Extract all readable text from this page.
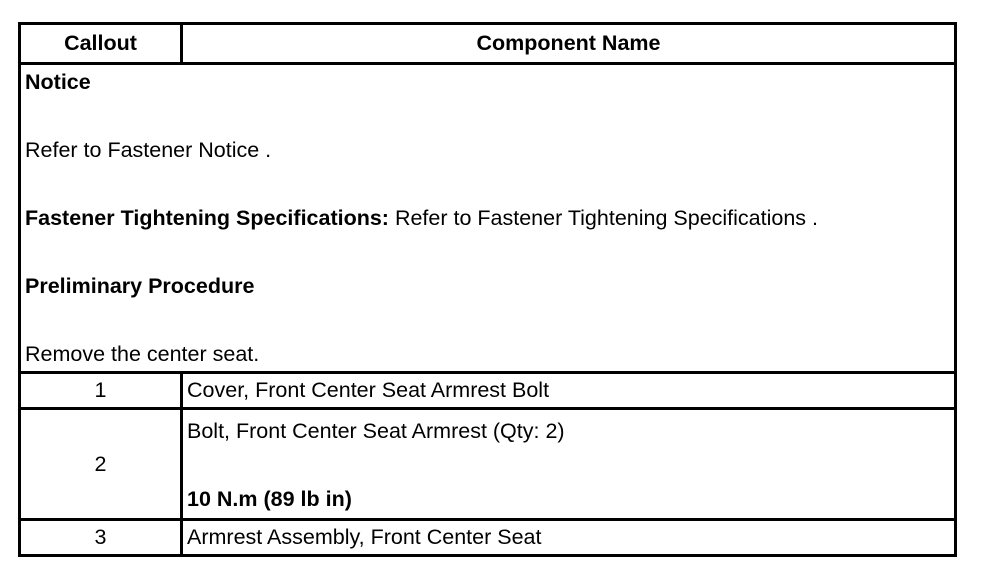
Callout	Component Name

Notice

Refer to Fastener Notice .

Fastener Tightening Specifications: Refer to Fastener Tightening Specifications .

Preliminary Procedure

Remove the center seat.	

1	Cover, Front Center Seat Armrest Bolt
2	Bolt, Front Center Seat Armrest (Qty: 2)

10 N.m (89 lb in)

3	Armrest Assembly, Front Center Seat
